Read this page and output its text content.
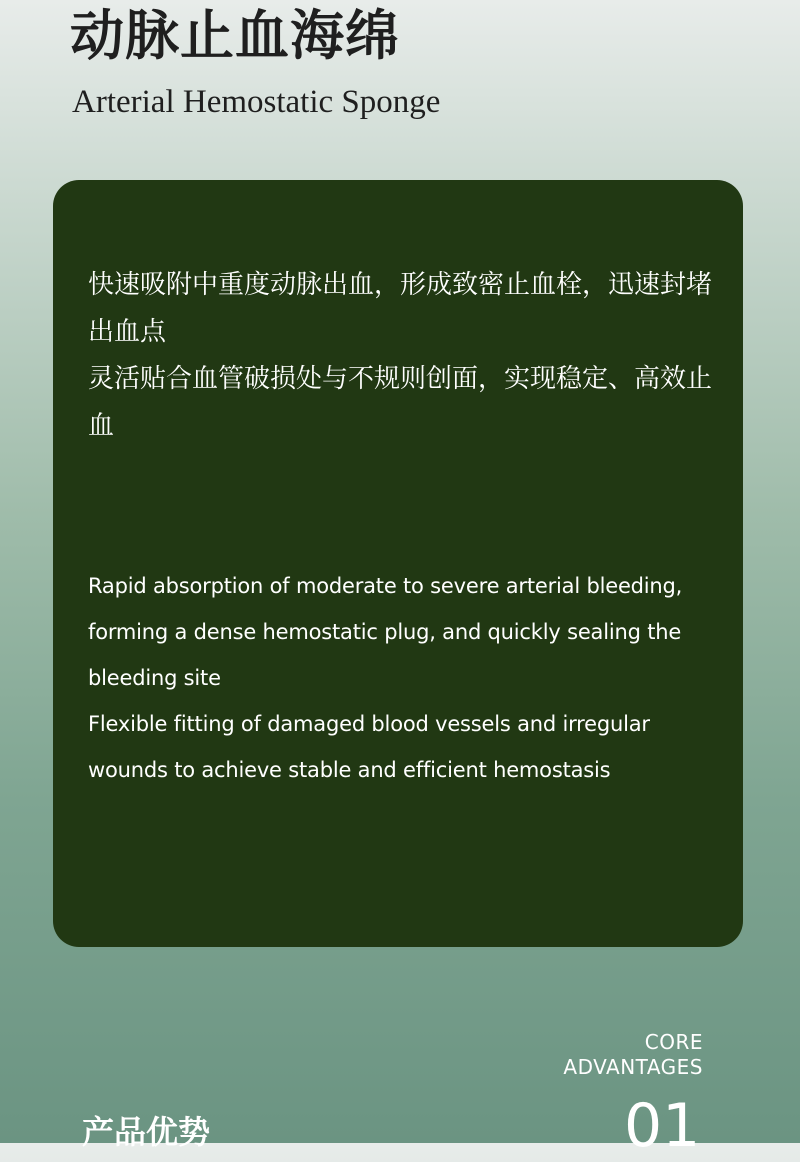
动脉止血海绵
Arterial Hemostatic Sponge

快速吸附中重度动脉出血，形成致密止血栓，迅速封堵出血点

灵活贴合血管破损处与不规则创面，实现稳定、高效止血

Rapid absorption of moderate to severe arterial bleeding, forming a dense hemostatic plug, and quickly sealing the bleeding site

Flexible fitting of damaged blood vessels and irregular wounds to achieve stable and efficient hemostasis

CORE
ADVANTAGES
产品优势	01
